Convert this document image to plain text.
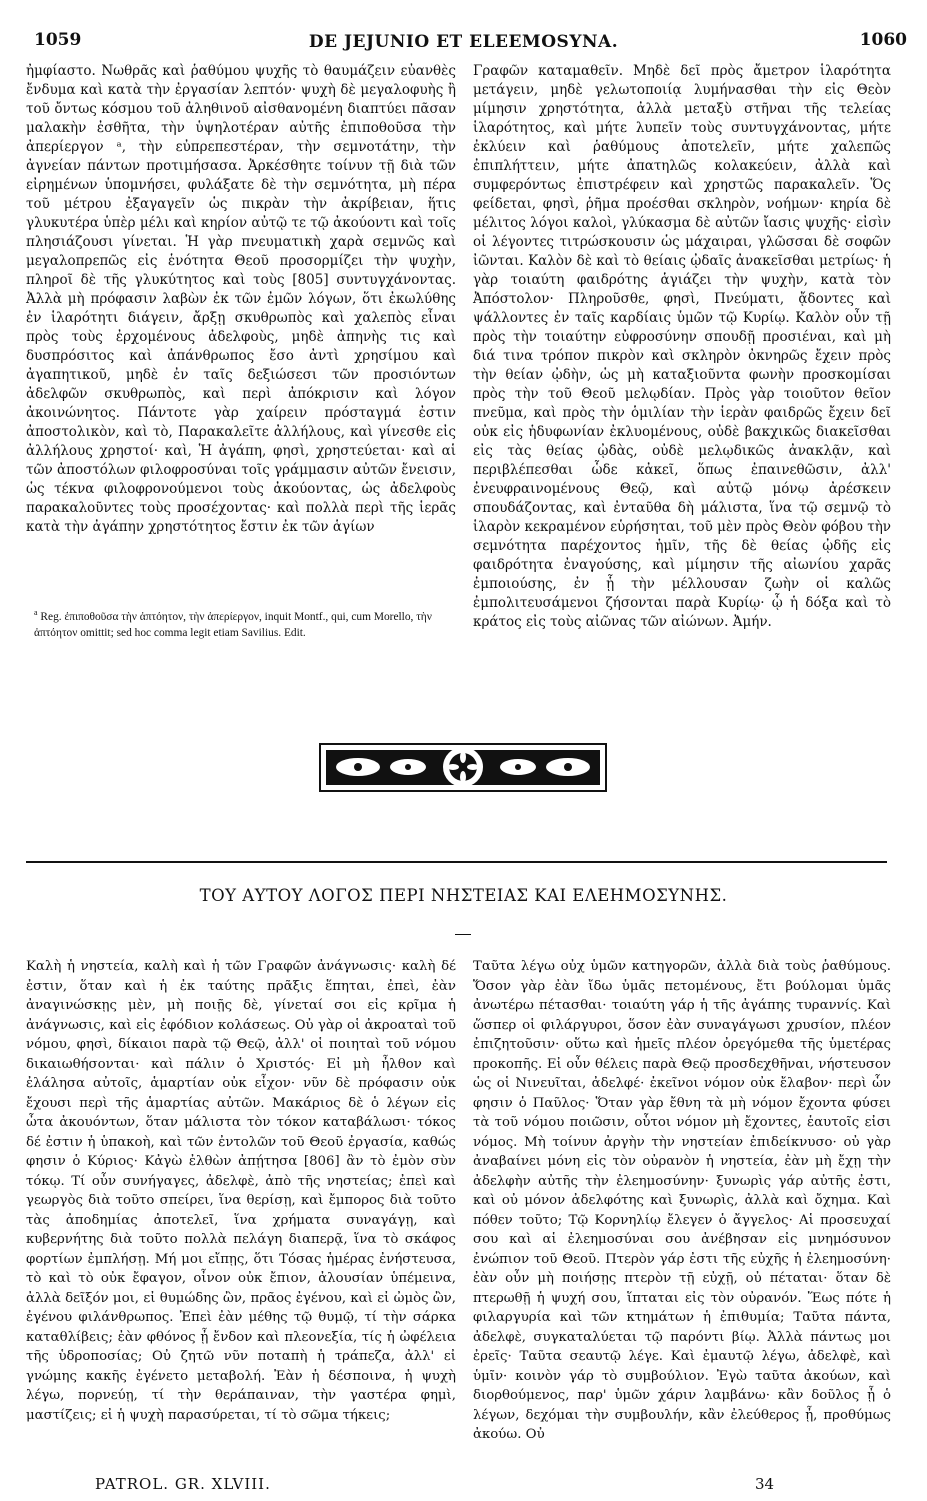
1059	DE JEJUNIO ET ELEEMOSYNA.	1060

ἠμφίαστο. Νωθρᾶς καὶ ῥαθύμου ψυχῆς τὸ θαυμάζειν εὐανθὲς ἔνδυμα καὶ κατὰ τὴν ἐργασίαν λεπτόν· ψυχὴ δὲ μεγαλοφυὴς ἢ τοῦ ὄντως κόσμου τοῦ ἀληθινοῦ αἰσθανομένη διαπτύει πᾶσαν μαλακὴν ἐσθῆτα, τὴν ὑψηλοτέραν αὐτῆς ἐπιποθοῦσα τὴν ἀπερίεργον ᵃ, τὴν εὐπρεπεστέραν, τὴν σεμνοτάτην, τὴν ἀγνείαν πάντων προτιμήσασα. Ἀρκέσθητε τοίνυν τῇ διὰ τῶν εἰρημένων ὑπομνήσει, φυλάξατε δὲ τὴν σεμνότητα, μὴ πέρα τοῦ μέτρου ἐξαγαγεῖν ὡς πικρὰν τὴν ἀκρίβειαν, ἥτις γλυκυτέρα ὑπὲρ μέλι καὶ κηρίον αὐτῷ τε τῷ ἀκούοντι καὶ τοῖς πλησιάζουσι γίνεται. Ἡ γὰρ πνευματικὴ χαρὰ σεμνῶς καὶ μεγαλοπρεπῶς εἰς ἑνότητα Θεοῦ προσορμίζει τὴν ψυχὴν, πληροῖ δὲ τῆς γλυκύτητος καὶ τοὺς [805] συντυγχάνοντας. Ἀλλὰ μὴ πρόφασιν λαβὼν ἐκ τῶν ἐμῶν λόγων, ὅτι ἐκωλύθης ἐν ἱλαρότητι διάγειν, ἄρξῃ σκυθρωπὸς καὶ χαλεπὸς εἶναι πρὸς τοὺς ἐρχομένους ἀδελφοὺς, μηδὲ ἀπηνὴς τις καὶ δυσπρόσιτος καὶ ἀπάνθρωπος ἔσο ἀντὶ χρησίμου καὶ ἀγαπητικοῦ, μηδὲ ἐν ταῖς δεξιώσεσι τῶν προσιόντων ἀδελφῶν σκυθρωπὸς, καὶ περὶ ἀπόκρισιν καὶ λόγον ἀκοινώνητος. Πάντοτε γὰρ χαίρειν πρόσταγμά ἐστιν ἀποστολικὸν, καὶ τὸ, Παρακαλεῖτε ἀλλήλους, καὶ γίνεσθε εἰς ἀλλήλους χρηστοί· καὶ, Ἡ ἀγάπη, φησὶ, χρηστεύεται· καὶ αἱ τῶν ἀποστόλων φιλοφροσύναι τοῖς γράμμασιν αὐτῶν ἔνεισιν, ὡς τέκνα φιλοφρονούμενοι τοὺς ἀκούοντας, ὡς ἀδελφοὺς παρακαλοῦντες τοὺς προσέχοντας· καὶ πολλὰ περὶ τῆς ἱερᾶς κατὰ τὴν ἀγάπην χρηστότητος ἔστιν ἐκ τῶν ἁγίων

Γραφῶν καταμαθεῖν. Μηδὲ δεῖ πρὸς ἄμετρον ἱλαρότητα μετάγειν, μηδὲ γελωτοποιίᾳ λυμήνασθαι τὴν εἰς Θεὸν μίμησιν χρηστότητα, ἀλλὰ μεταξὺ στῆναι τῆς τελείας ἱλαρότητος, καὶ μήτε λυπεῖν τοὺς συντυγχάνοντας, μήτε ἐκλύειν καὶ ῥαθύμους ἀποτελεῖν, μήτε χαλεπῶς ἐπιπλήττειν, μήτε ἀπατηλῶς κολακεύειν, ἀλλὰ καὶ συμφερόντως ἐπιστρέφειν καὶ χρηστῶς παρακαλεῖν. Ὅς φείδεται, φησὶ, ῥῆμα προέσθαι σκληρὸν, νοήμων· κηρία δὲ μέλιτος λόγοι καλοὶ, γλύκασμα δὲ αὐτῶν ἴασις ψυχῆς· εἰσὶν οἱ λέγοντες τιτρώσκουσιν ὡς μάχαιραι, γλῶσσαι δὲ σοφῶν ἰῶνται. Καλὸν δὲ καὶ τὸ θείαις ᾠδαῖς ἀνακεῖσθαι μετρίως· ἡ γὰρ τοιαύτη φαιδρότης ἁγιάζει τὴν ψυχὴν, κατὰ τὸν Ἀπόστολον· Πληροῦσθε, φησὶ, Πνεύματι, ᾄδοντες καὶ ψάλλοντες ἐν ταῖς καρδίαις ὑμῶν τῷ Κυρίῳ. Καλὸν οὖν τῇ πρὸς τὴν τοιαύτην εὐφροσύνην σπουδῇ προσιέναι, καὶ μὴ διά τινα τρόπον πικρὸν καὶ σκληρὸν ὀκνηρῶς ἔχειν πρὸς τὴν θείαν ᾠδὴν, ὡς μὴ καταξιοῦντα φωνὴν προσκομίσαι πρὸς τὴν τοῦ Θεοῦ μελῳδίαν. Πρὸς γὰρ τοιοῦτον θεῖον πνεῦμα, καὶ πρὸς τὴν ὁμιλίαν τὴν ἱερὰν φαιδρῶς ἔχειν δεῖ οὐκ εἰς ἡδυφωνίαν ἐκλυομένους, οὐδὲ βακχικῶς διακεῖσθαι εἰς τὰς θείας ᾠδὰς, οὐδὲ μελῳδικῶς ἀνακλᾷν, καὶ περιβλέπεσθαι ὧδε κἀκεῖ, ὅπως ἐπαινεθῶσιν, ἀλλ' ἐνευφραινομένους Θεῷ, καὶ αὐτῷ μόνῳ ἀρέσκειν σπουδάζοντας, καὶ ἐνταῦθα δὴ μάλιστα, ἵνα τῷ σεμνῷ τὸ ἱλαρὸν κεκραμένον εὑρήσηται, τοῦ μὲν πρὸς Θεὸν φόβου τὴν σεμνότητα παρέχοντος ἡμῖν, τῆς δὲ θείας ᾠδῆς εἰς φαιδρότητα ἐναγούσης, καὶ μίμησιν τῆς αἰωνίου χαρᾶς ἐμποιούσης, ἐν ᾗ τὴν μέλλουσαν ζωὴν οἱ καλῶς ἐμπολιτευσάμενοι ζήσονται παρὰ Κυρίῳ· ᾧ ἡ δόξα καὶ τὸ κράτος εἰς τοὺς αἰῶνας τῶν αἰώνων. Ἀμήν.

$^a$ Reg. ἐπιποθοῦσα τὴν ἀπτόητον, τὴν ἀπερίεργον, inquit Montf., qui, cum Morello, τὴν ἀπτόητον omittit; sed hoc comma legit etiam Savilius. Edit.
ΤΟΥ ΑΥΤΟΥ ΛΟΓΟΣ ΠΕΡΙ ΝΗΣΤΕΙΑΣ ΚΑΙ ΕΛΕΗΜΟΣΥΝΗΣ.

Καλὴ ἡ νηστεία, καλὴ καὶ ἡ τῶν Γραφῶν ἀνάγνωσις· καλὴ δέ ἐστιν, ὅταν καὶ ἡ ἐκ ταύτης πρᾶξις ἕπηται, ἐπεὶ, ἐὰν ἀναγινώσκῃς μὲν, μὴ ποιῇς δὲ, γίνεταί σοι εἰς κρῖμα ἡ ἀνάγνωσις, καὶ εἰς ἐφόδιον κολάσεως. Οὐ γὰρ οἱ ἀκροαταὶ τοῦ νόμου, φησὶ, δίκαιοι παρὰ τῷ Θεῷ, ἀλλ' οἱ ποιηταὶ τοῦ νόμου δικαιωθήσονται· καὶ πάλιν ὁ Χριστός· Εἰ μὴ ἦλθον καὶ ἐλάλησα αὐτοῖς, ἁμαρτίαν οὐκ εἶχον· νῦν δὲ πρόφασιν οὐκ ἔχουσι περὶ τῆς ἁμαρτίας αὐτῶν. Μακάριος δὲ ὁ λέγων εἰς ὦτα ἀκουόντων, ὅταν μάλιστα τὸν τόκον καταβάλωσι· τόκος δέ ἐστιν ἡ ὑπακοὴ, καὶ τῶν ἐντολῶν τοῦ Θεοῦ ἐργασία, καθώς φησιν ὁ Κύριος· Κἀγὼ ἐλθὼν ἀπῄτησα [806] ἂν τὸ ἐμὸν σὺν τόκῳ. Τί οὖν συνήγαγες, ἀδελφὲ, ἀπὸ τῆς νηστείας; ἐπεὶ καὶ γεωργὸς διὰ τοῦτο σπείρει, ἵνα θερίσῃ, καὶ ἔμπορος διὰ τοῦτο τὰς ἀποδημίας ἀποτελεῖ, ἵνα χρήματα συναγάγῃ, καὶ κυβερνήτης διὰ τοῦτο πολλὰ πελάγη διαπερᾷ, ἵνα τὸ σκάφος φορτίων ἐμπλήσῃ. Μή μοι εἴπῃς, ὅτι Τόσας ἡμέρας ἐνήστευσα, τὸ καὶ τὸ οὐκ ἔφαγον, οἶνον οὐκ ἔπιον, ἀλουσίαν ὑπέμεινα, ἀλλὰ δεῖξόν μοι, εἰ θυμώδης ὢν, πρᾶος ἐγένου, καὶ εἰ ὠμὸς ὢν, ἐγένου φιλάνθρωπος. Ἐπεὶ ἐὰν μέθης τῷ θυμῷ, τί τὴν σάρκα καταθλίβεις; ἐὰν φθόνος ᾖ ἔνδον καὶ πλεονεξία, τίς ἡ ὠφέλεια τῆς ὑδροποσίας; Οὐ ζητῶ νῦν ποταπὴ ἡ τράπεζα, ἀλλ' εἰ γνώμης κακῆς ἐγένετο μεταβολή. Ἐὰν ἡ δέσποινα, ἡ ψυχὴ λέγω, πορνεύῃ, τί τὴν θεράπαιναν, τὴν γαστέρα φημὶ, μαστίζεις; εἰ ἡ ψυχὴ παρασύρεται, τί τὸ σῶμα τήκεις;

Ταῦτα λέγω οὐχ ὑμῶν κατηγορῶν, ἀλλὰ διὰ τοὺς ῥαθύμους. Ὅσον γὰρ ἐὰν ἴδω ὑμᾶς πετομένους, ἔτι βούλομαι ὑμᾶς ἀνωτέρω πέτασθαι· τοιαύτη γάρ ἡ τῆς ἀγάπης τυραννίς. Καὶ ὥσπερ οἱ φιλάργυροι, ὅσον ἐὰν συναγάγωσι χρυσίον, πλέον ἐπιζητοῦσιν· οὕτω καὶ ἡμεῖς πλέον ὀρεγόμεθα τῆς ὑμετέρας προκοπῆς. Εἰ οὖν θέλεις παρὰ Θεῷ προσδεχθῆναι, νήστευσον ὡς οἱ Νινευῖται, ἀδελφέ· ἐκεῖνοι νόμον οὐκ ἔλαβον· περὶ ὧν φησιν ὁ Παῦλος· Ὅταν γὰρ ἔθνη τὰ μὴ νόμον ἔχοντα φύσει τὰ τοῦ νόμου ποιῶσιν, οὗτοι νόμον μὴ ἔχοντες, ἑαυτοῖς εἰσι νόμος. Μὴ τοίνυν ἀργὴν τὴν νηστείαν ἐπιδείκνυσο· οὐ γὰρ ἀναβαίνει μόνη εἰς τὸν οὐρανὸν ἡ νηστεία, ἐὰν μὴ ἔχῃ τὴν ἀδελφὴν αὐτῆς τὴν ἐλεημοσύνην· ξυνωρὶς γάρ αὐτῆς ἐστι, καὶ οὐ μόνον ἀδελφότης καὶ ξυνωρὶς, ἀλλὰ καὶ ὄχημα. Καὶ πόθεν τοῦτο; Τῷ Κορνηλίῳ ἔλεγεν ὁ ἄγγελος· Αἱ προσευχαί σου καὶ αἱ ἐλεημοσύναι σου ἀνέβησαν εἰς μνημόσυνον ἐνώπιον τοῦ Θεοῦ. Πτερὸν γάρ ἐστι τῆς εὐχῆς ἡ ἐλεημοσύνη· ἐὰν οὖν μὴ ποιήσῃς πτερὸν τῇ εὐχῇ, οὐ πέταται· ὅταν δὲ πτερωθῇ ἡ ψυχή σου, ἵπταται εἰς τὸν οὐρανόν. Ἕως πότε ἡ φιλαργυρία καὶ τῶν κτημάτων ἡ ἐπιθυμία; Ταῦτα πάντα, ἀδελφὲ, συγκαταλύεται τῷ παρόντι βίῳ. Ἀλλὰ πάντως μοι ἐρεῖς· Ταῦτα σεαυτῷ λέγε. Καὶ ἐμαυτῷ λέγω, ἀδελφὲ, καὶ ὑμῖν· κοινὸν γάρ τὸ συμβούλιον. Ἐγὼ ταῦτα ἀκούων, καὶ διορθούμενος, παρ' ὑμῶν χάριν λαμβάνω· κἂν δοῦλος ᾖ ὁ λέγων, δεχόμαι τὴν συμβουλήν, κἂν ἐλεύθερος ᾖ, προθύμως ἀκούω. Οὐ

PATROL. GR. XLVIII.	34
